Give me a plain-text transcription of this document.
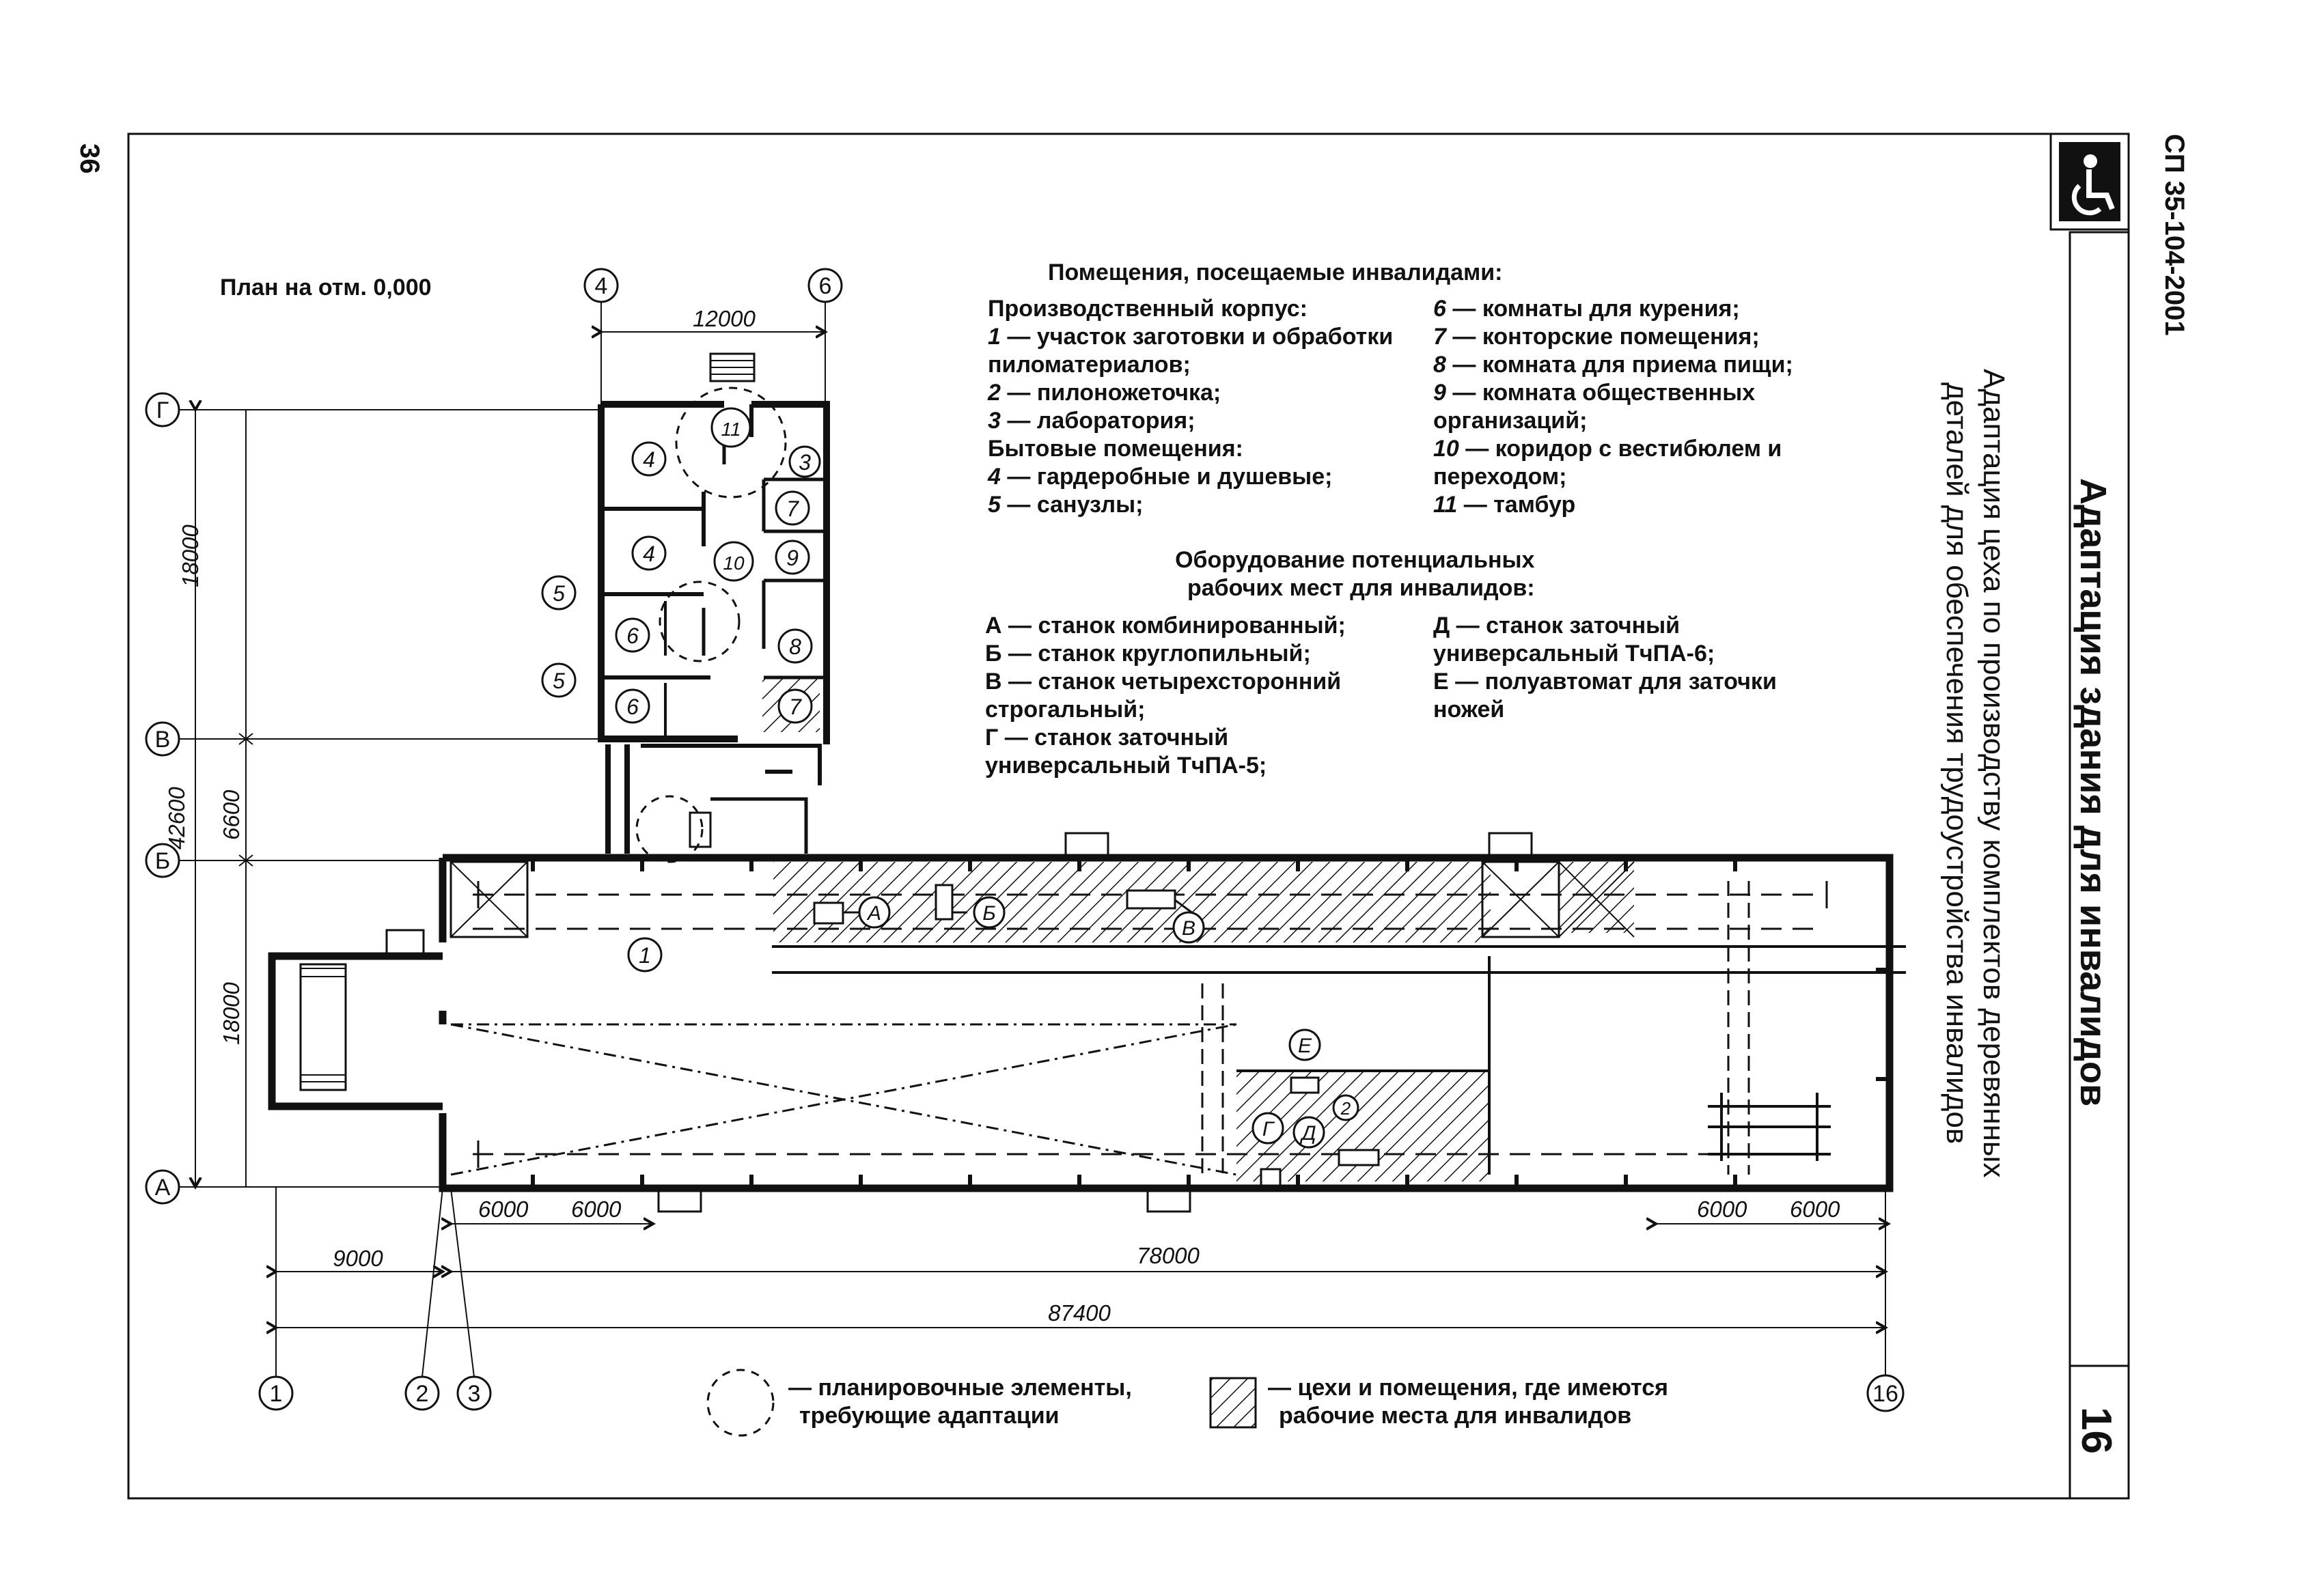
36	СП 35-104-2001
Адаптация здания для инвалидов
Адаптация цеха по производству комплектов деревянных
деталей для обеспечения трудоустройства инвалидов
16
План на отм. 0,000	4	6
Г
В
Б
А
1	2 3	16
12000
18000
6600
42600
18000
6000 6000	6000 6000
9000	78000
87400
1
2
3
4
4
5
5
6
6
7
7
8
9
10
11
А	Б
В
Г Д
Е
Помещения, посещаемые инвалидами:
Производственный корпус:
1 — участок заготовки и обработки
пиломатериалов;
2 — пилоножеточка;
3 — лаборатория;
Бытовые помещения:
4 — гардеробные и душевые;
5 — санузлы;
6 — комнаты для курения;
7 — конторские помещения;
8 — комната для приема пищи;
9 — комната общественных
организаций;
10 — коридор с вестибюлем и
переходом;
11 — тамбур
Оборудование потенциальных
рабочих мест для инвалидов:
А — станок комбинированный;
Б — станок круглопильный;
В — станок четырехсторонний
строгальный;
Г — станок заточный
универсальный ТчПА-5;
Д — станок заточный
универсальный ТчПА-6;
Е — полуавтомат для заточки
ножей
— планировочные элементы,
требующие адаптации
— цехи и помещения, где имеются
рабочие места для инвалидов
